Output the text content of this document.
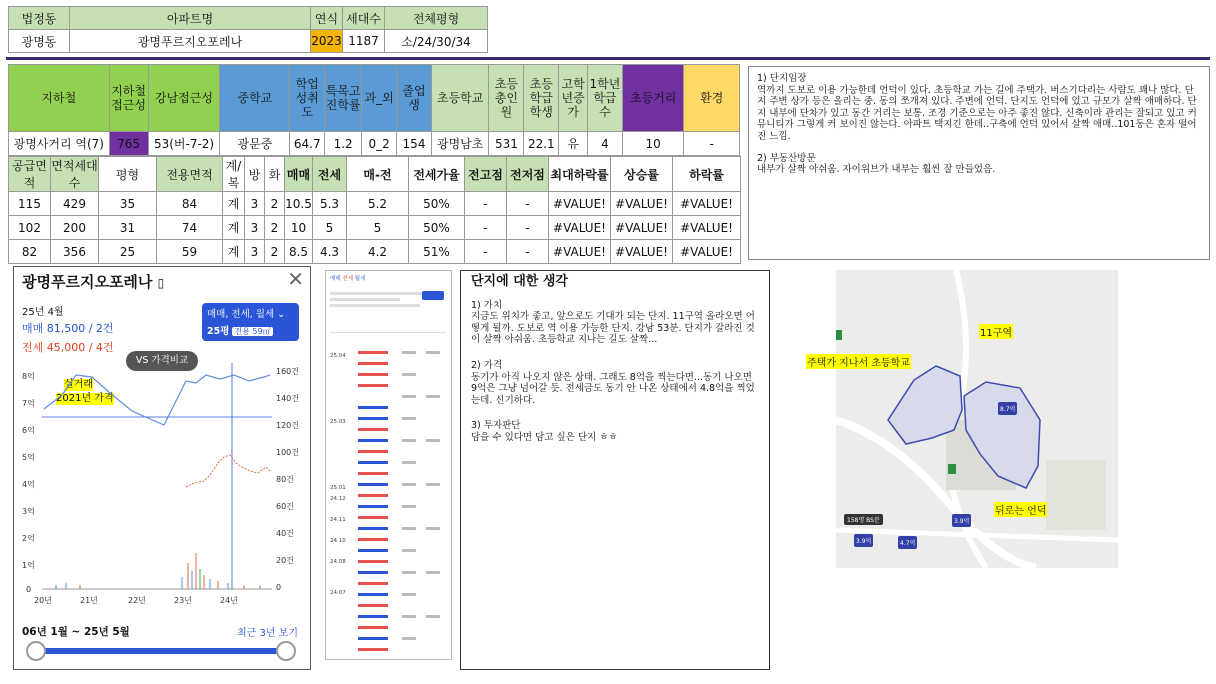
법정동	아파트명	연식	세대수	전체평형
광명동	광명푸르지오포레나	2023	1187	소/24/30/34
지하철	지하철접근성	강남접근성	중학교	학업성취도	특목고진학률	과_외	졸업생	초등학교	초등총인원	초등학급학생	고학년증가	1학년학급수	초등거리	환경
광명사거리 역(7)	765	53(버-7-2)	광문중	64.7	1.2	0_2	154	광명남초	531	22.1	유	4	10	-
공급면적	면적세대수	평형	전용면적	계/복	방	화	매매	전세	매-전	전세가율	전고점	전저점	최대하락률	상승률	하락률
115	429	35	84	계	3	2	10.5	5.3	5.2	50%	-	-	#VALUE!	#VALUE!	#VALUE!
102	200	31	74	계	3	2	10	5	5	50%	-	-	#VALUE!	#VALUE!	#VALUE!
82	356	25	59	계	3	2	8.5	4.3	4.2	51%	-	-	#VALUE!	#VALUE!	#VALUE!
1) 단지임장
역까지 도보로 이용 가능한데 언덕이 있다. 초등학교 가는 길에 주택가. 버스기다리는 사람도 꽤나 많다. 단지 주변 상가 등은 올리는 중. 동의 쪼개져 있다. 주변에 언덕. 단지도 언덕에 있고 규모가 살짝 애매하다. 단지 내부에 단차가 있고 동간 거리는 보통. 조경 기준으로는 아주 좋진 않다. 신축이라 관리는 잘되고 있고 커뮤니티가 그렇게 커 보이진 않는다. 아파트 택지긴 한데..구축에 언덕 있어서 살짝 애매..101동은 혼자 떨어진 느낌.
2) 부동산방문
내부가 살짝 아쉬움. 자이위브가 내부는 훨씬 잘 만들었음.
광명푸르지오포레나 ▯	✕
25년 4월
매매 81,500 / 2건
전세 45,000 / 4건
매매, 전세, 월세 ⌄
25평 전용 59㎡
VS 가격비교
실거래
2021년 가격
8억
7억
6억
5억
4억
3억
2억
1억
0
160건
140건
120건
100건
80건
60건
40건
20건
0
20년	21년	22년	23년	24년
06년 1월 ~ 25년 5월	최근 3년 보기
매매 전세 월세
25.04
25.03
25.01
24.12
24.11
24.10
24.08
24.07
단지에 대한 생각
1) 가치
지금도 위치가 좋고, 앞으로도 기대가 되는 단지. 11구역 올라오면 어떻게 될까. 도보로 역 이용 가능한 단지. 강남 53분. 단지가 갈라진 것이 살짝 아쉬움. 초등학교 지나는 길도 살짝...
2) 가격
동기가 아직 나오지 않은 상태. 그래도 8억을 찍는다면...동기 나오면 9억은 그냥 넘어갈 듯. 전세금도 동기 안 나온 상태에서 4.8억을 찍었는데. 신기하다.
3) 투자판단
담을 수 있다면 담고 싶은 단지 ㅎㅎ
11구역
주택가 지나서 초등학교
뒤로는 언덕
8.7억
3.9억
4.7억
3.9억
158명 BS분
